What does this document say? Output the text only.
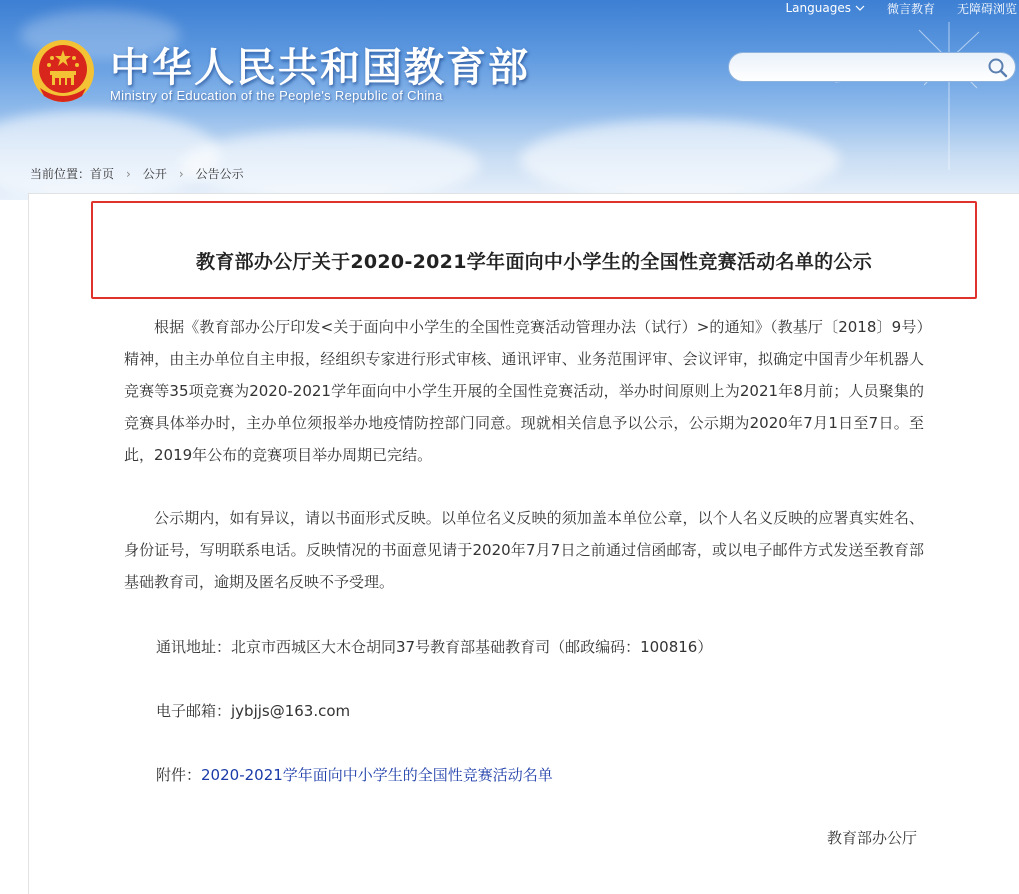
Languages	微言教育 无障碍浏览
中华人民共和国教育部
Ministry of Education of the People's Republic of China
当前位置： 首页 › 公开 › 公告公示
教育部办公厅关于2020-2021学年面向中小学生的全国性竞赛活动名单的公示
根据《教育部办公厅印发<关于面向中小学生的全国性竞赛活动管理办法（试行）>的通知》（教基厅〔2018〕9号）精神，由主办单位自主申报，经组织专家进行形式审核、通讯评审、业务范围评审、会议评审，拟确定中国青少年机器人竞赛等35项竞赛为2020-2021学年面向中小学生开展的全国性竞赛活动，举办时间原则上为2021年8月前；人员聚集的竞赛具体举办时，主办单位须报举办地疫情防控部门同意。现就相关信息予以公示，公示期为2020年7月1日至7日。至此，2019年公布的竞赛项目举办周期已完结。
公示期内，如有异议，请以书面形式反映。以单位名义反映的须加盖本单位公章，以个人名义反映的应署真实姓名、身份证号，写明联系电话。反映情况的书面意见请于2020年7月7日之前通过信函邮寄，或以电子邮件方式发送至教育部基础教育司，逾期及匿名反映不予受理。
通讯地址：北京市西城区大木仓胡同37号教育部基础教育司（邮政编码：100816）
电子邮箱：jybjjs@163.com
附件：2020-2021学年面向中小学生的全国性竞赛活动名单
教育部办公厅
